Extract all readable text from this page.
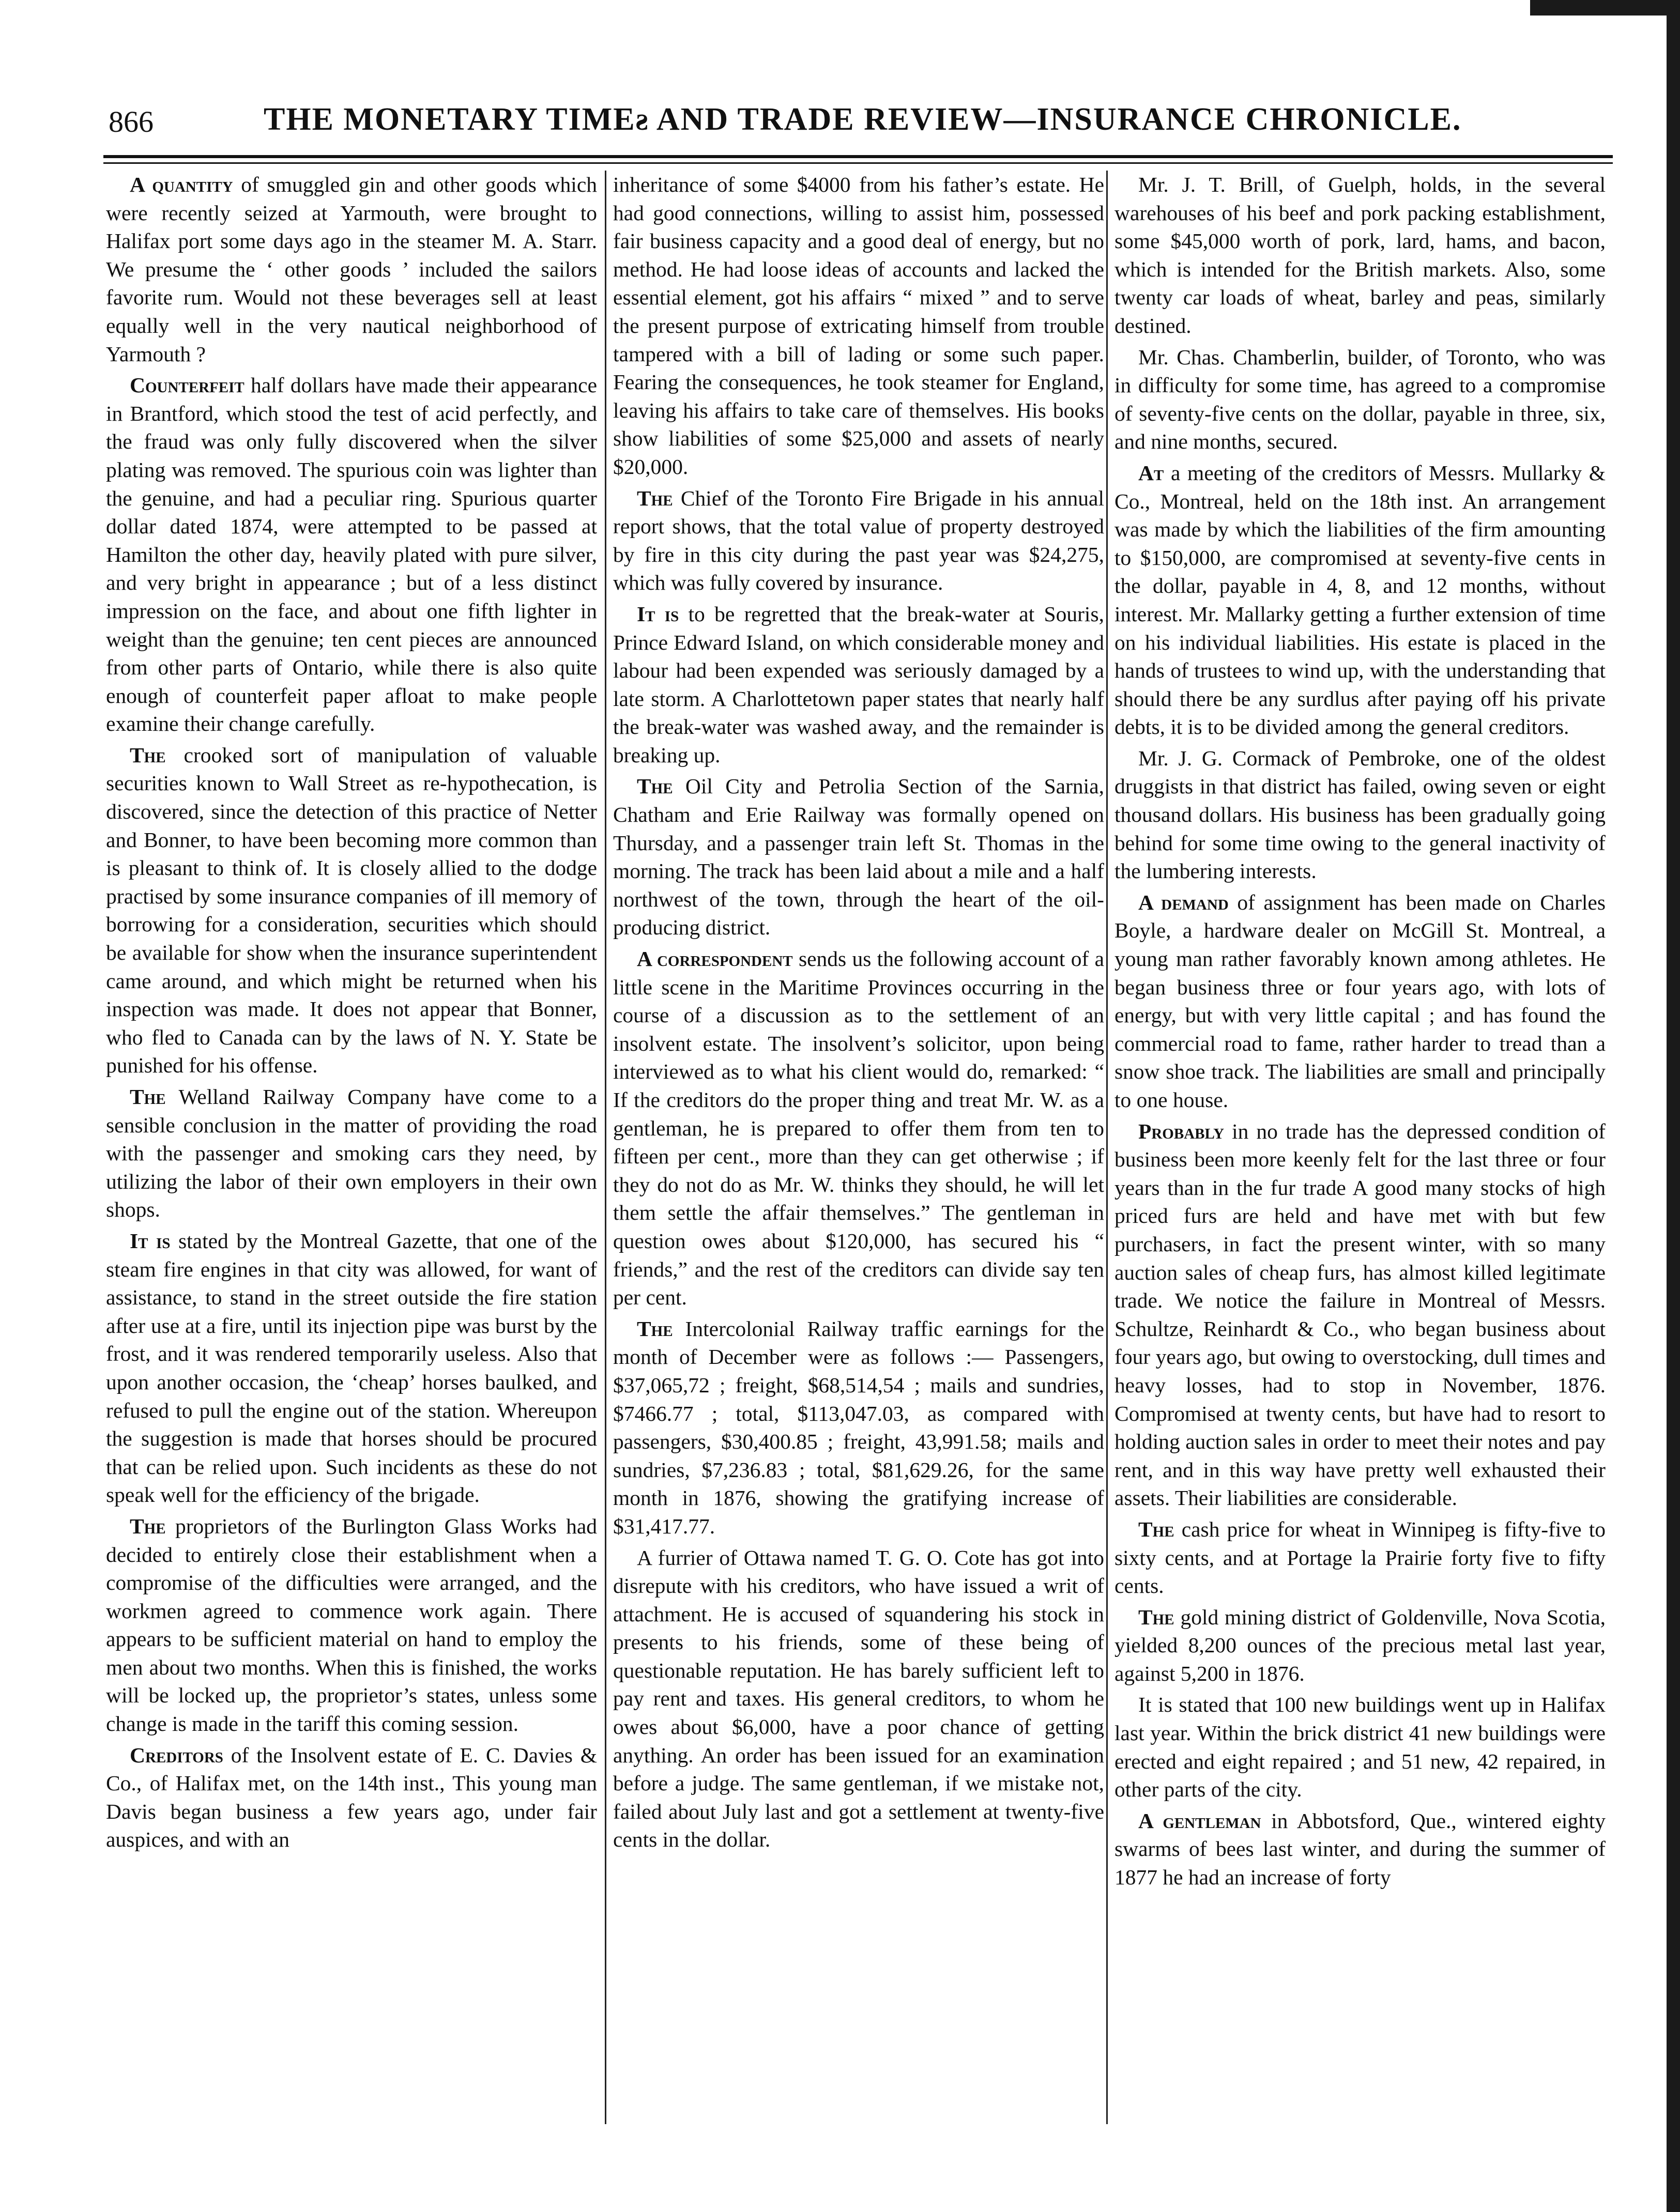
866	THE MONETARY TIMEƨ AND TRADE REVIEW—INSURANCE CHRONICLE.

A quantity of smuggled gin and other goods which were recently seized at Yarmouth, were brought to Halifax port some days ago in the steamer M. A. Starr. We presume the ‘ other goods ’ included the sailors favorite rum. Would not these beverages sell at least equally well in the very nautical neighborhood of Yarmouth ?

Counterfeit half dollars have made their appearance in Brantford, which stood the test of acid perfectly, and the fraud was only fully discovered when the silver plating was removed. The spurious coin was lighter than the genuine, and had a peculiar ring. Spurious quarter dollar dated 1874, were attempted to be passed at Hamilton the other day, heavily plated with pure silver, and very bright in appearance ; but of a less distinct impression on the face, and about one fifth lighter in weight than the genuine; ten cent pieces are announced from other parts of Ontario, while there is also quite enough of counterfeit paper afloat to make people examine their change carefully.

The crooked sort of manipulation of valuable securities known to Wall Street as re-hypothecation, is discovered, since the detection of this practice of Netter and Bonner, to have been becoming more common than is pleasant to think of. It is closely allied to the dodge practised by some insurance companies of ill memory of borrowing for a consideration, securities which should be available for show when the insurance superintendent came around, and which might be returned when his inspection was made. It does not appear that Bonner, who fled to Canada can by the laws of N. Y. State be punished for his offense.

The Welland Railway Company have come to a sensible conclusion in the matter of providing the road with the passenger and smoking cars they need, by utilizing the labor of their own employers in their own shops.

It is stated by the Montreal Gazette, that one of the steam fire engines in that city was allowed, for want of assistance, to stand in the street outside the fire station after use at a fire, until its injection pipe was burst by the frost, and it was rendered temporarily useless. Also that upon another occasion, the ‘cheap’ horses baulked, and refused to pull the engine out of the station. Whereupon the suggestion is made that horses should be procured that can be relied upon. Such incidents as these do not speak well for the efficiency of the brigade.

The proprietors of the Burlington Glass Works had decided to entirely close their establishment when a compromise of the difficulties were arranged, and the workmen agreed to commence work again. There appears to be sufficient material on hand to employ the men about two months. When this is finished, the works will be locked up, the proprietor’s states, unless some change is made in the tariff this coming session.

Creditors of the Insolvent estate of E. C. Davies & Co., of Halifax met, on the 14th inst., This young man Davis began business a few years ago, under fair auspices, and with an

inheritance of some $4000 from his father’s estate. He had good connections, willing to assist him, possessed fair business capacity and a good deal of energy, but no method. He had loose ideas of accounts and lacked the essential element, got his affairs “ mixed ” and to serve the present purpose of extricating himself from trouble tampered with a bill of lading or some such paper. Fearing the consequences, he took steamer for England, leaving his affairs to take care of themselves. His books show liabilities of some $25,000 and assets of nearly $20,000.

The Chief of the Toronto Fire Brigade in his annual report shows, that the total value of property destroyed by fire in this city during the past year was $24,275, which was fully covered by insurance.

It is to be regretted that the break-water at Souris, Prince Edward Island, on which considerable money and labour had been expended was seriously damaged by a late storm. A Charlottetown paper states that nearly half the break-water was washed away, and the remainder is breaking up.

The Oil City and Petrolia Section of the Sarnia, Chatham and Erie Railway was formally opened on Thursday, and a passenger train left St. Thomas in the morning. The track has been laid about a mile and a half northwest of the town, through the heart of the oil-producing district.

A correspondent sends us the following account of a little scene in the Maritime Provinces occurring in the course of a discussion as to the settlement of an insolvent estate. The insolvent’s solicitor, upon being interviewed as to what his client would do, remarked: “ If the creditors do the proper thing and treat Mr. W. as a gentleman, he is prepared to offer them from ten to fifteen per cent., more than they can get otherwise ; if they do not do as Mr. W. thinks they should, he will let them settle the affair themselves.” The gentleman in question owes about $120,000, has secured his “ friends,” and the rest of the creditors can divide say ten per cent.

The Intercolonial Railway traffic earnings for the month of December were as follows :— Passengers, $37,065,72 ; freight, $68,514,54 ; mails and sundries, $7466.77 ; total, $113,047.03, as compared with passengers, $30,400.85 ; freight, 43,991.58; mails and sundries, $7,236.83 ; total, $81,629.26, for the same month in 1876, showing the gratifying increase of $31,417.77.

A furrier of Ottawa named T. G. O. Cote has got into disrepute with his creditors, who have issued a writ of attachment. He is accused of squandering his stock in presents to his friends, some of these being of questionable reputation. He has barely sufficient left to pay rent and taxes. His general creditors, to whom he owes about $6,000, have a poor chance of getting anything. An order has been issued for an examination before a judge. The same gentleman, if we mistake not, failed about July last and got a settlement at twenty-five cents in the dollar.

Mr. J. T. Brill, of Guelph, holds, in the several warehouses of his beef and pork packing establishment, some $45,000 worth of pork, lard, hams, and bacon, which is intended for the British markets. Also, some twenty car loads of wheat, barley and peas, similarly destined.

Mr. Chas. Chamberlin, builder, of Toronto, who was in difficulty for some time, has agreed to a compromise of seventy-five cents on the dollar, payable in three, six, and nine months, secured.

At a meeting of the creditors of Messrs. Mullarky & Co., Montreal, held on the 18th inst. An arrangement was made by which the liabilities of the firm amounting to $150,000, are compromised at seventy-five cents in the dollar, payable in 4, 8, and 12 months, without interest. Mr. Mallarky getting a further extension of time on his individual liabilities. His estate is placed in the hands of trustees to wind up, with the understanding that should there be any surdlus after paying off his private debts, it is to be divided among the general creditors.

Mr. J. G. Cormack of Pembroke, one of the oldest druggists in that district has failed, owing seven or eight thousand dollars. His business has been gradually going behind for some time owing to the general inactivity of the lumbering interests.

A demand of assignment has been made on Charles Boyle, a hardware dealer on McGill St. Montreal, a young man rather favorably known among athletes. He began business three or four years ago, with lots of energy, but with very little capital ; and has found the commercial road to fame, rather harder to tread than a snow shoe track. The liabilities are small and principally to one house.

Probably in no trade has the depressed condition of business been more keenly felt for the last three or four years than in the fur trade A good many stocks of high priced furs are held and have met with but few purchasers, in fact the present winter, with so many auction sales of cheap furs, has almost killed legitimate trade. We notice the failure in Montreal of Messrs. Schultze, Reinhardt & Co., who began business about four years ago, but owing to overstocking, dull times and heavy losses, had to stop in November, 1876. Compromised at twenty cents, but have had to resort to holding auction sales in order to meet their notes and pay rent, and in this way have pretty well exhausted their assets. Their liabilities are considerable.

The cash price for wheat in Winnipeg is fifty-five to sixty cents, and at Portage la Prairie forty five to fifty cents.

The gold mining district of Goldenville, Nova Scotia, yielded 8,200 ounces of the precious metal last year, against 5,200 in 1876.

It is stated that 100 new buildings went up in Halifax last year. Within the brick district 41 new buildings were erected and eight repaired ; and 51 new, 42 repaired, in other parts of the city.

A gentleman in Abbotsford, Que., wintered eighty swarms of bees last winter, and during the summer of 1877 he had an increase of forty
